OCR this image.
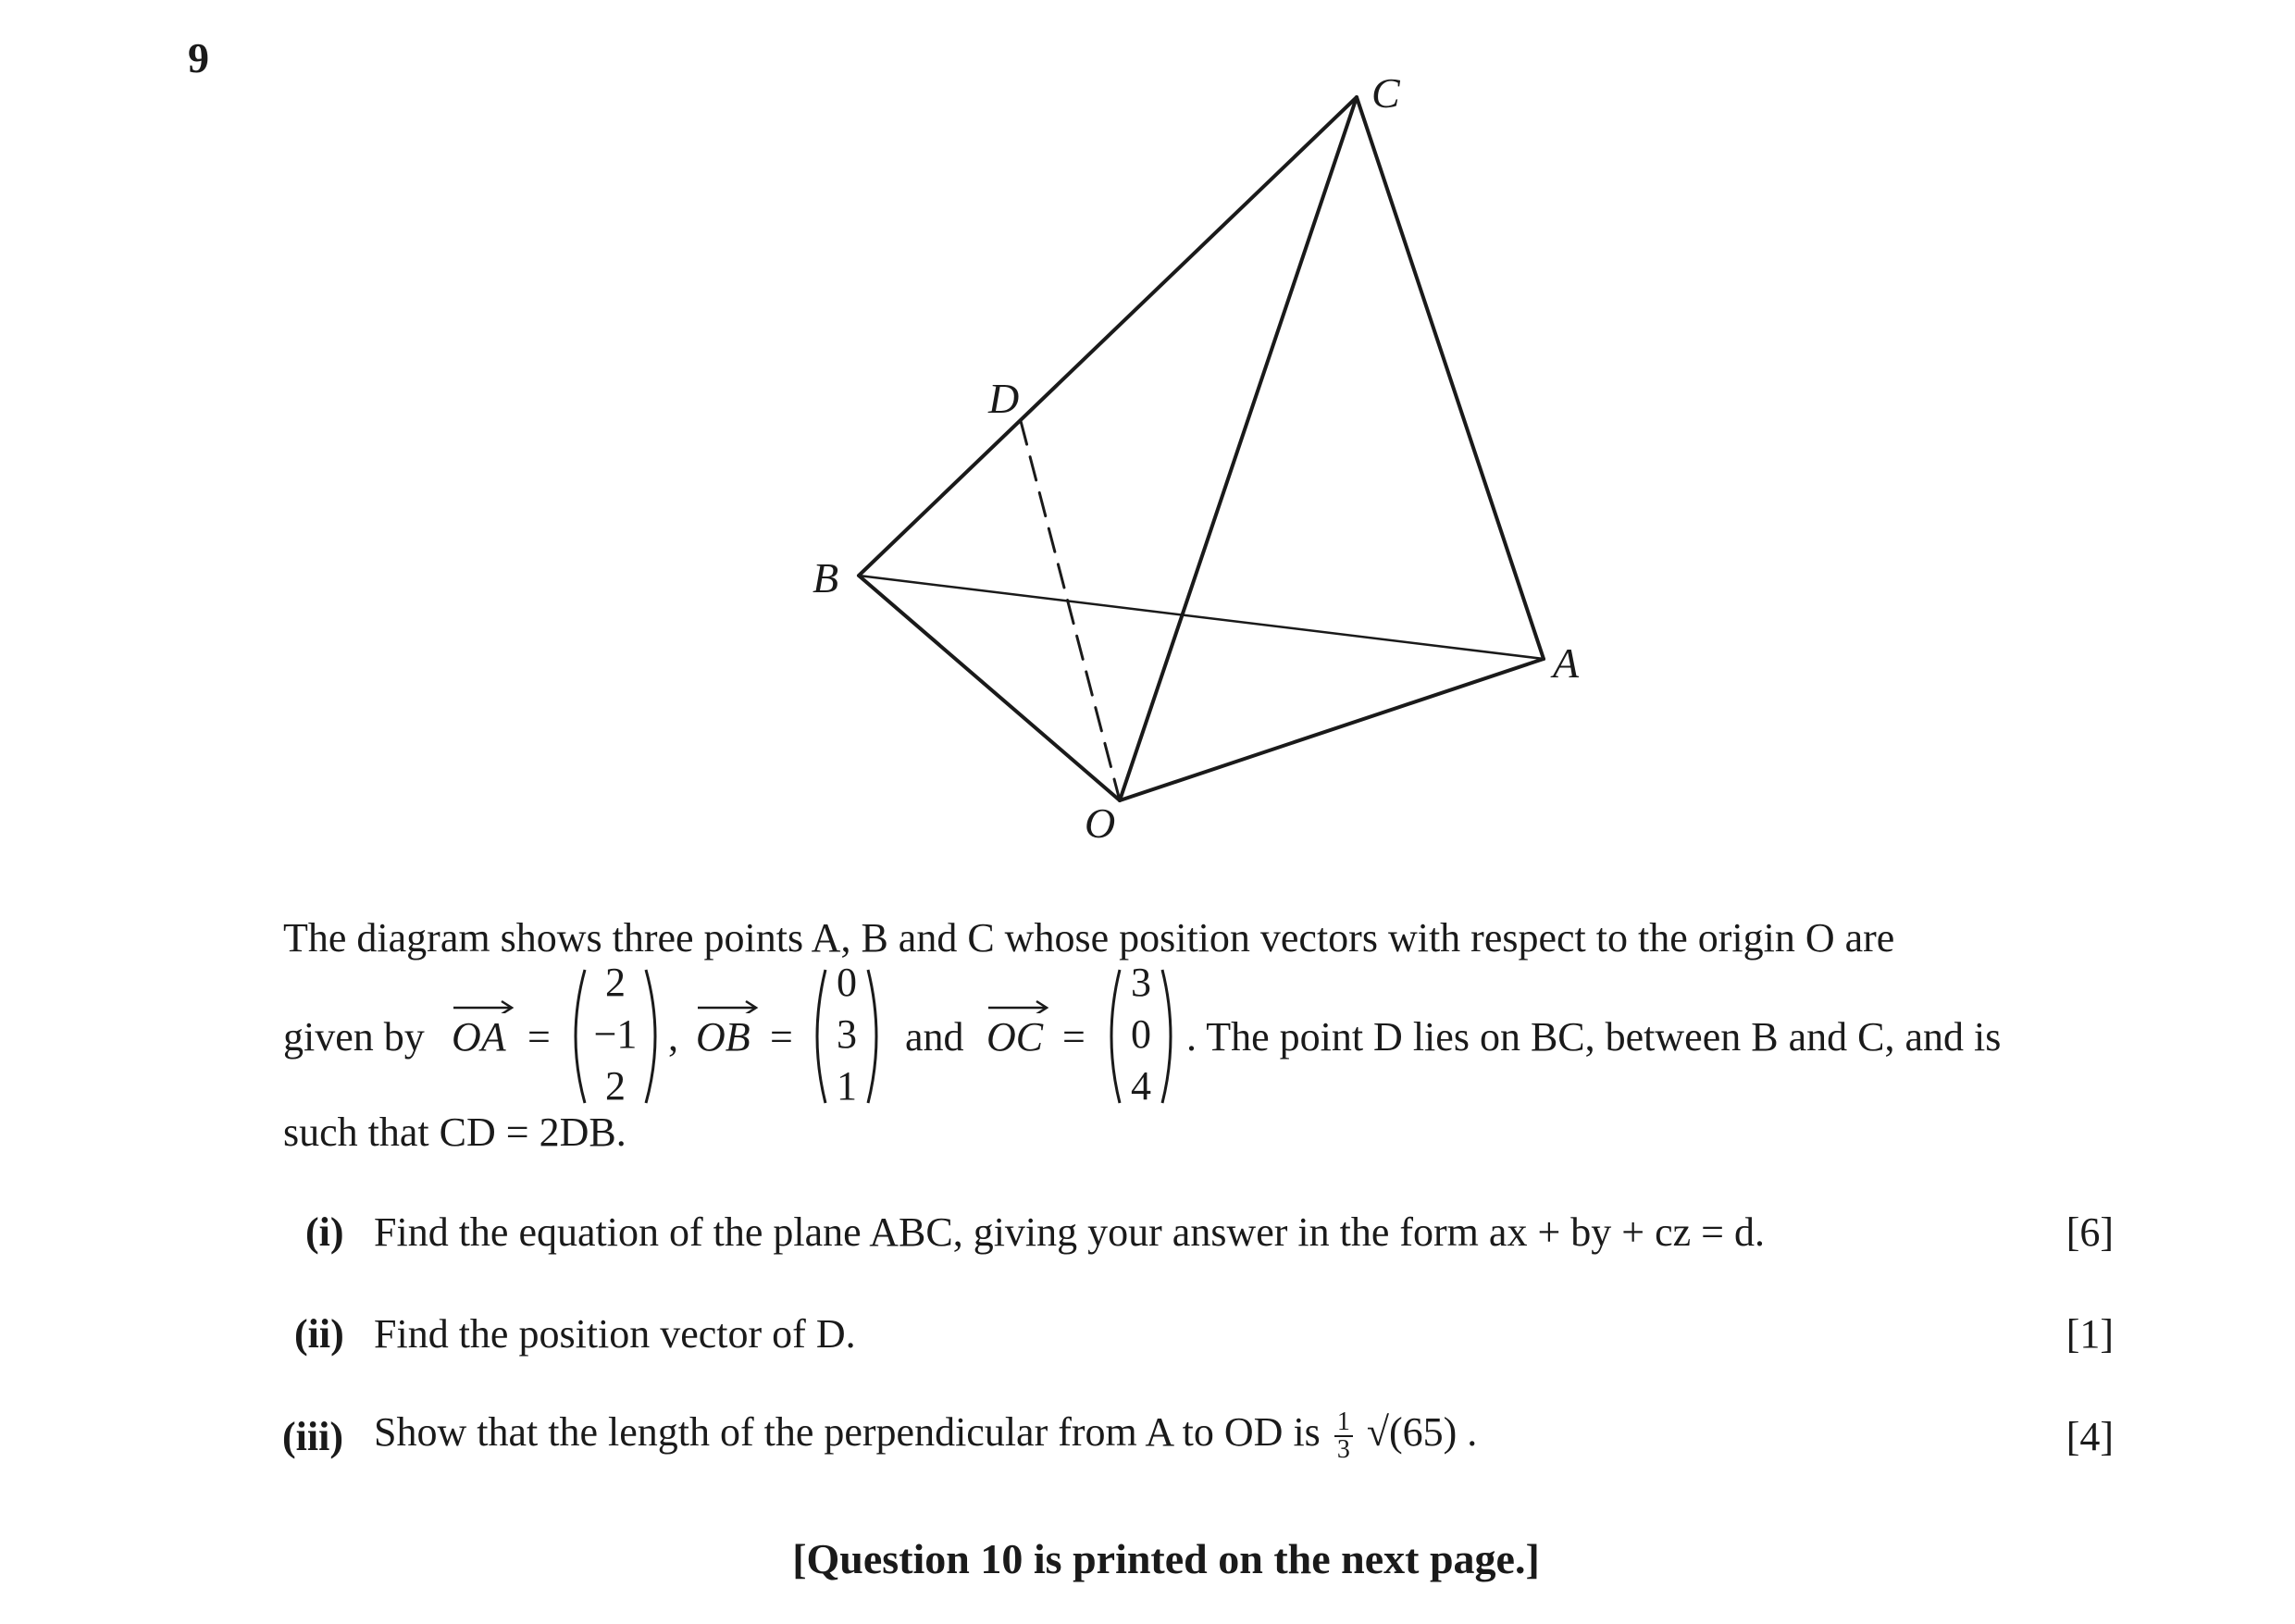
9
C
D
B
A
O
The diagram shows three points A, B and C whose position vectors with respect to the origin O are
given by OA =
2
−1
2
, OB =
0
3
1
and OC =
3
0
4
. The point D lies on BC, between B and C, and is
such that CD = 2DB.
(i) Find the equation of the plane ABC, giving your answer in the form ax + by + cz = d.	[6]
(ii) Find the position vector of D.	[1]
(iii) Show that the length of the perpendicular from A to OD is $\frac{1}{3} √(65)$ .	[4]
[Question 10 is printed on the next page.]
